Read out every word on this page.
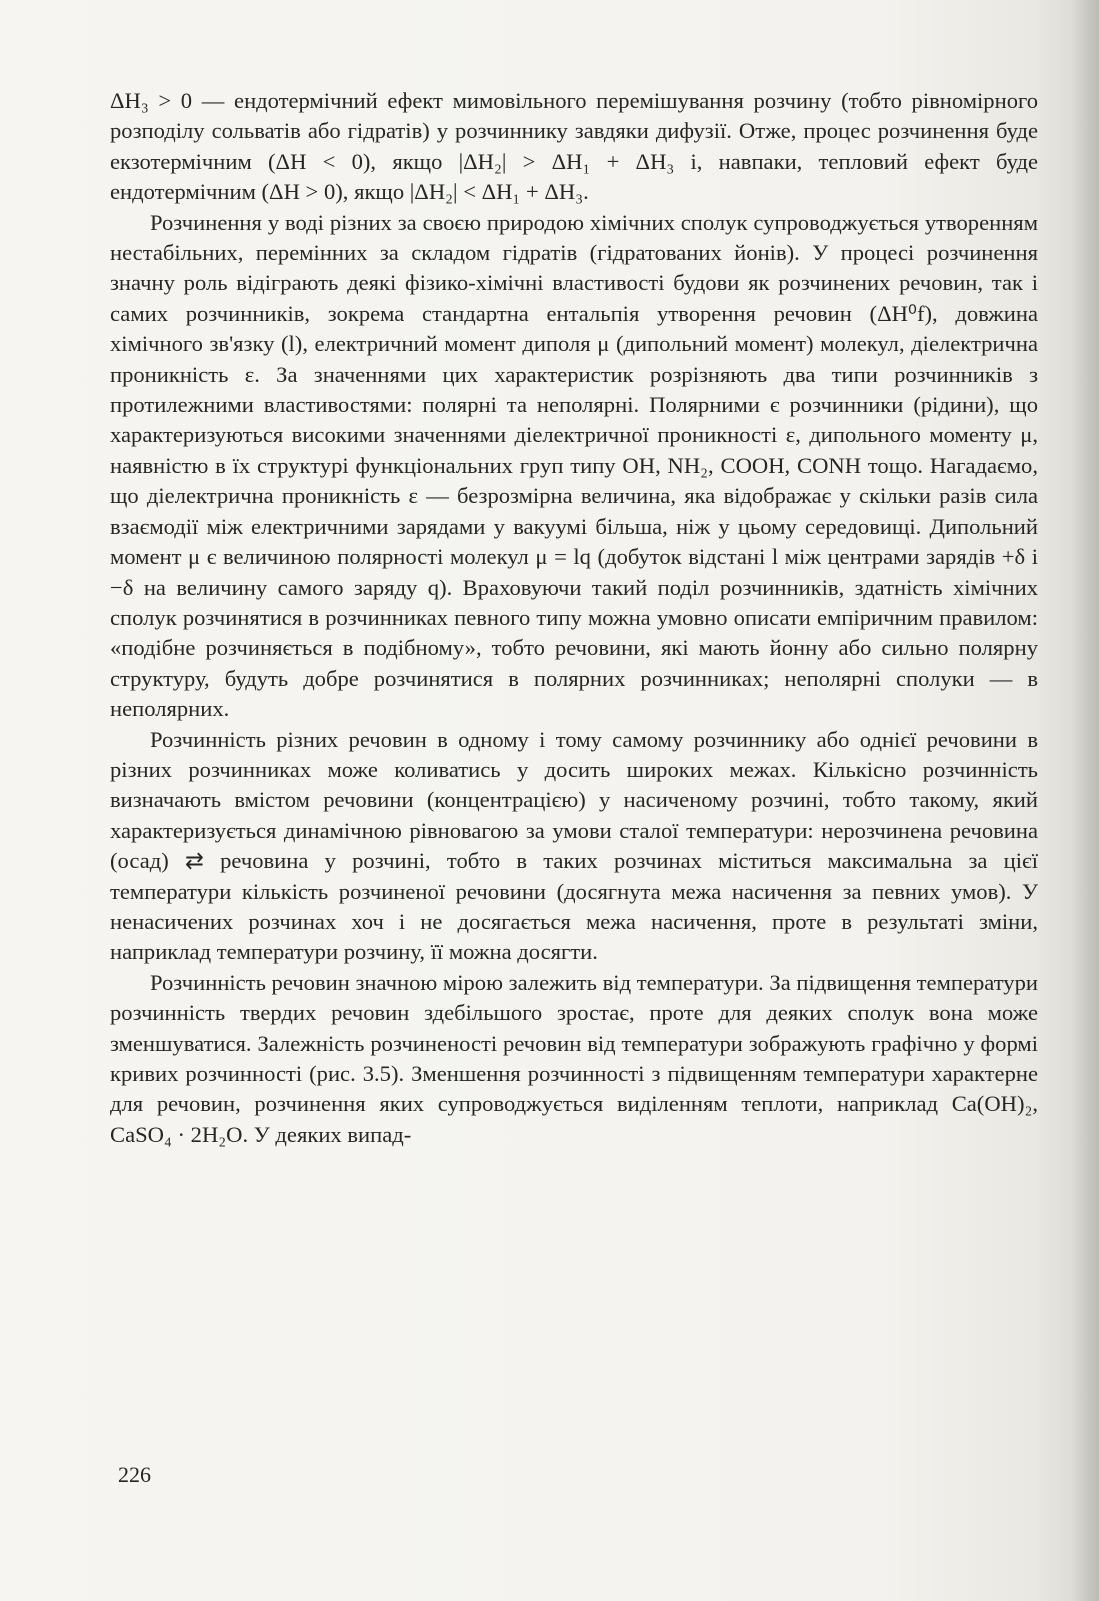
ΔH₃ > 0 — ендотермічний ефект мимовільного перемішування розчину (тобто рівномірного розподілу сольватів або гідратів) у розчиннику завдяки дифузії. Отже, процес розчинення буде екзотермічним (ΔH < 0), якщо |ΔH₂| > ΔH₁ + ΔH₃ і, навпаки, тепловий ефект буде ендотермічним (ΔH > 0), якщо |ΔH₂| < ΔH₁ + ΔH₃.

Розчинення у воді різних за своєю природою хімічних сполук супроводжується утворенням нестабільних, перемінних за складом гідратів (гідратованих йонів). У процесі розчинення значну роль відіграють деякі фізико-хімічні властивості будови як розчинених речовин, так і самих розчинників, зокрема стандартна ентальпія утворення речовин (ΔH⁰f), довжина хімічного зв'язку (l), електричний момент диполя μ (дипольний момент) молекул, діелектрична проникність ε. За значеннями цих характеристик розрізняють два типи розчинників з протилежними властивостями: полярні та неполярні. Полярними є розчинники (рідини), що характеризуються високими значеннями діелектричної проникності ε, дипольного моменту μ, наявністю в їх структурі функціональних груп типу OH, NH₂, COOH, CONH тощо. Нагадаємо, що діелектрична проникність ε — безрозмірна величина, яка відображає у скільки разів сила взаємодії між електричними зарядами у вакуумі більша, ніж у цьому середовищі. Дипольний момент μ є величиною полярності молекул μ = lq (добуток відстані l між центрами зарядів +δ і −δ на величину самого заряду q). Враховуючи такий поділ розчинників, здатність хімічних сполук розчинятися в розчинниках певного типу можна умовно описати емпіричним правилом: «подібне розчиняється в подібному», тобто речовини, які мають йонну або сильно полярну структуру, будуть добре розчинятися в полярних розчинниках; неполярні сполуки — в неполярних.

Розчинність різних речовин в одному і тому самому розчиннику або однієї речовини в різних розчинниках може коливатись у досить широких межах. Кількісно розчинність визначають вмістом речовини (концентрацією) у насиченому розчині, тобто такому, який характеризується динамічною рівновагою за умови сталої температури: нерозчинена речовина (осад) ⇄ речовина у розчині, тобто в таких розчинах міститься максимальна за цієї температури кількість розчиненої речовини (досягнута межа насичення за певних умов). У ненасичених розчинах хоч і не досягається межа насичення, проте в результаті зміни, наприклад температури розчину, її можна досягти.

Розчинність речовин значною мірою залежить від температури. За підвищення температури розчинність твердих речовин здебільшого зростає, проте для деяких сполук вона може зменшуватися. Залежність розчиненості речовин від температури зображують графічно у формі кривих розчинності (рис. 3.5). Зменшення розчинності з підвищенням температури характерне для речовин, розчинення яких супроводжується виділенням теплоти, наприклад Ca(OH)₂, CaSO₄ · 2H₂O. У деяких випад-

226
